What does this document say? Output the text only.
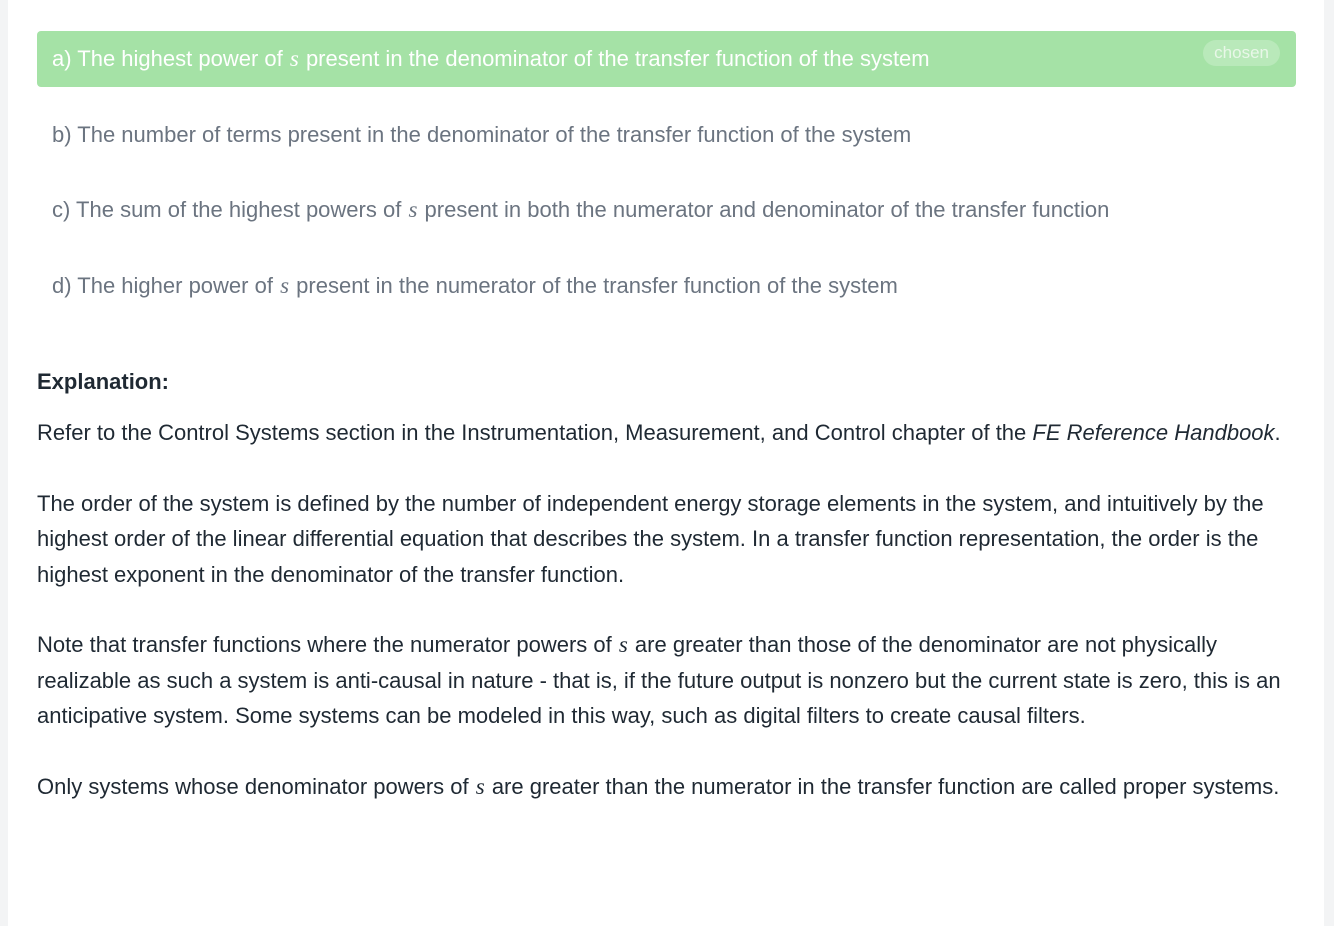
a) The highest power of
s
present in the denominator of the transfer function of the system	chosen
b) The number of terms present in the denominator of the transfer function of the system
c) The sum of the highest powers of
s
present in both the numerator and denominator of the transfer function
d) The higher power of
s
present in the numerator of the transfer function of the system
Explanation:

Refer to the Control Systems section in the Instrumentation, Measurement, and Control chapter of the FE Reference Handbook.

The order of the system is defined by the number of independent energy storage elements in the system, and intuitively by the highest order of the linear differential equation that describes the system. In a transfer function representation, the order is the highest exponent in the denominator of the transfer function.

Note that transfer functions where the numerator powers of s are greater than those of the denominator are not physically realizable as such a system is anti-causal in nature - that is, if the future output is nonzero but the current state is zero, this is an anticipative system. Some systems can be modeled in this way, such as digital filters to create causal filters.

Only systems whose denominator powers of s are greater than the numerator in the transfer function are called proper systems.
